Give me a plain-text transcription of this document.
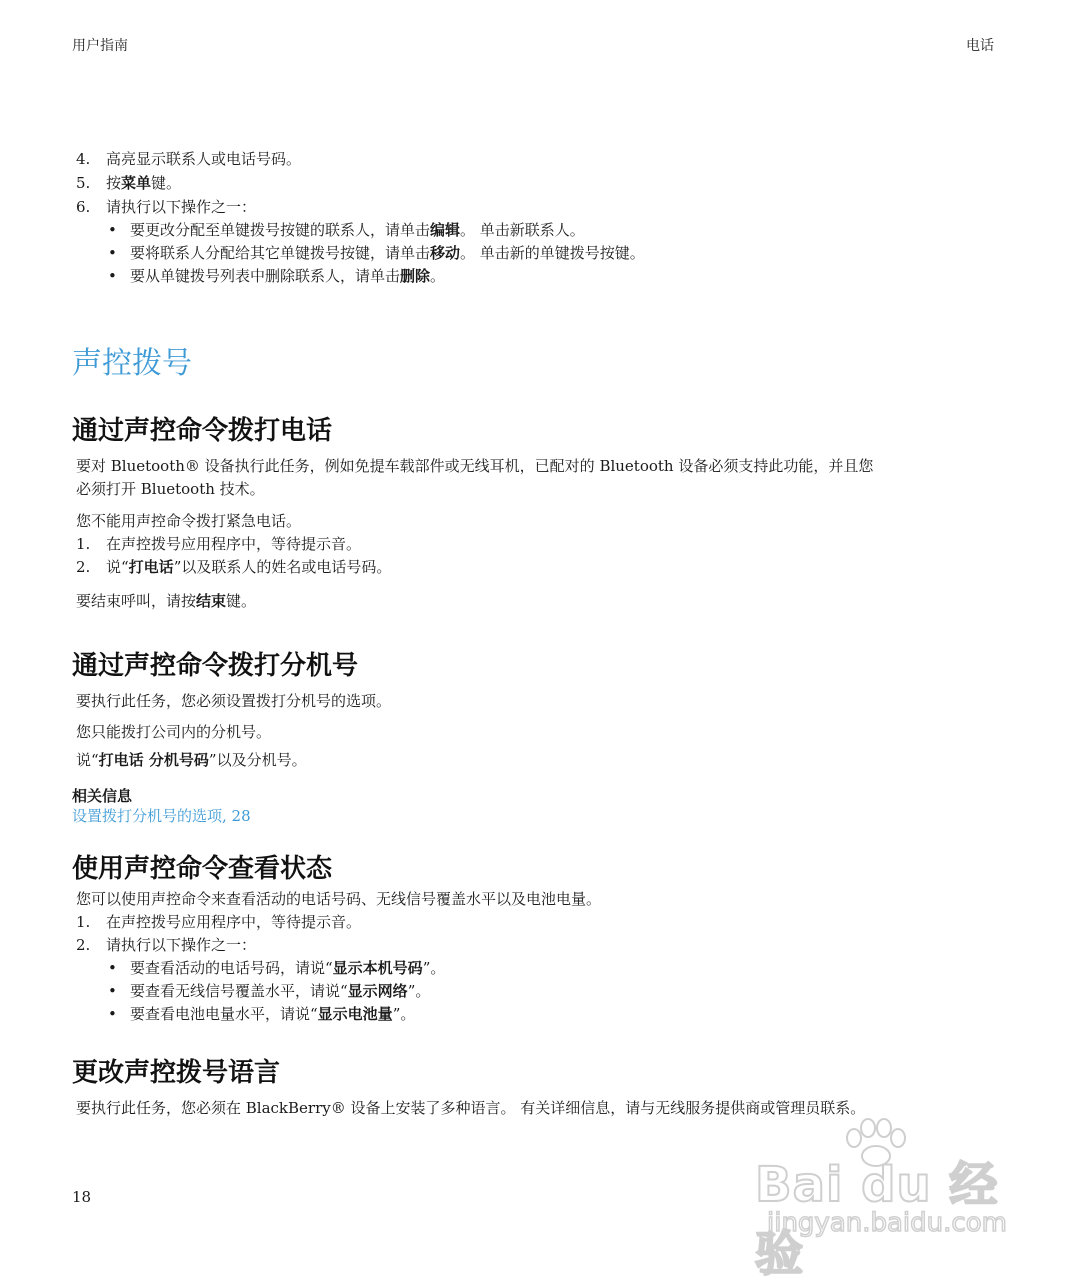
用户指南	电话
4. 高亮显示联系人或电话号码。
5. 按菜单键。
6. 请执行以下操作之一：
• 要更改分配至单键拨号按键的联系人，请单击编辑。 单击新联系人。
• 要将联系人分配给其它单键拨号按键，请单击移动。 单击新的单键拨号按键。
• 要从单键拨号列表中删除联系人，请单击删除。
声控拨号
通过声控命令拨打电话
要对 Bluetooth® 设备执行此任务，例如免提车载部件或无线耳机，已配对的 Bluetooth 设备必须支持此功能，并且您
必须打开 Bluetooth 技术。
您不能用声控命令拨打紧急电话。
1. 在声控拨号应用程序中，等待提示音。
2. 说“打电话”以及联系人的姓名或电话号码。
要结束呼叫，请按结束键。
通过声控命令拨打分机号
要执行此任务，您必须设置拨打分机号的选项。
您只能拨打公司内的分机号。
说“打电话 分机号码”以及分机号。
相关信息
设置拨打分机号的选项, 28
使用声控命令查看状态
您可以使用声控命令来查看活动的电话号码、无线信号覆盖水平以及电池电量。
1. 在声控拨号应用程序中，等待提示音。
2. 请执行以下操作之一：
• 要查看活动的电话号码，请说“显示本机号码”。
• 要查看无线信号覆盖水平，请说“显示网络”。
• 要查看电池电量水平，请说“显示电池量”。
更改声控拨号语言
要执行此任务，您必须在 BlackBerry® 设备上安装了多种语言。 有关详细信息，请与无线服务提供商或管理员联系。
18	Bai du 经验
jingyan.baidu.com
